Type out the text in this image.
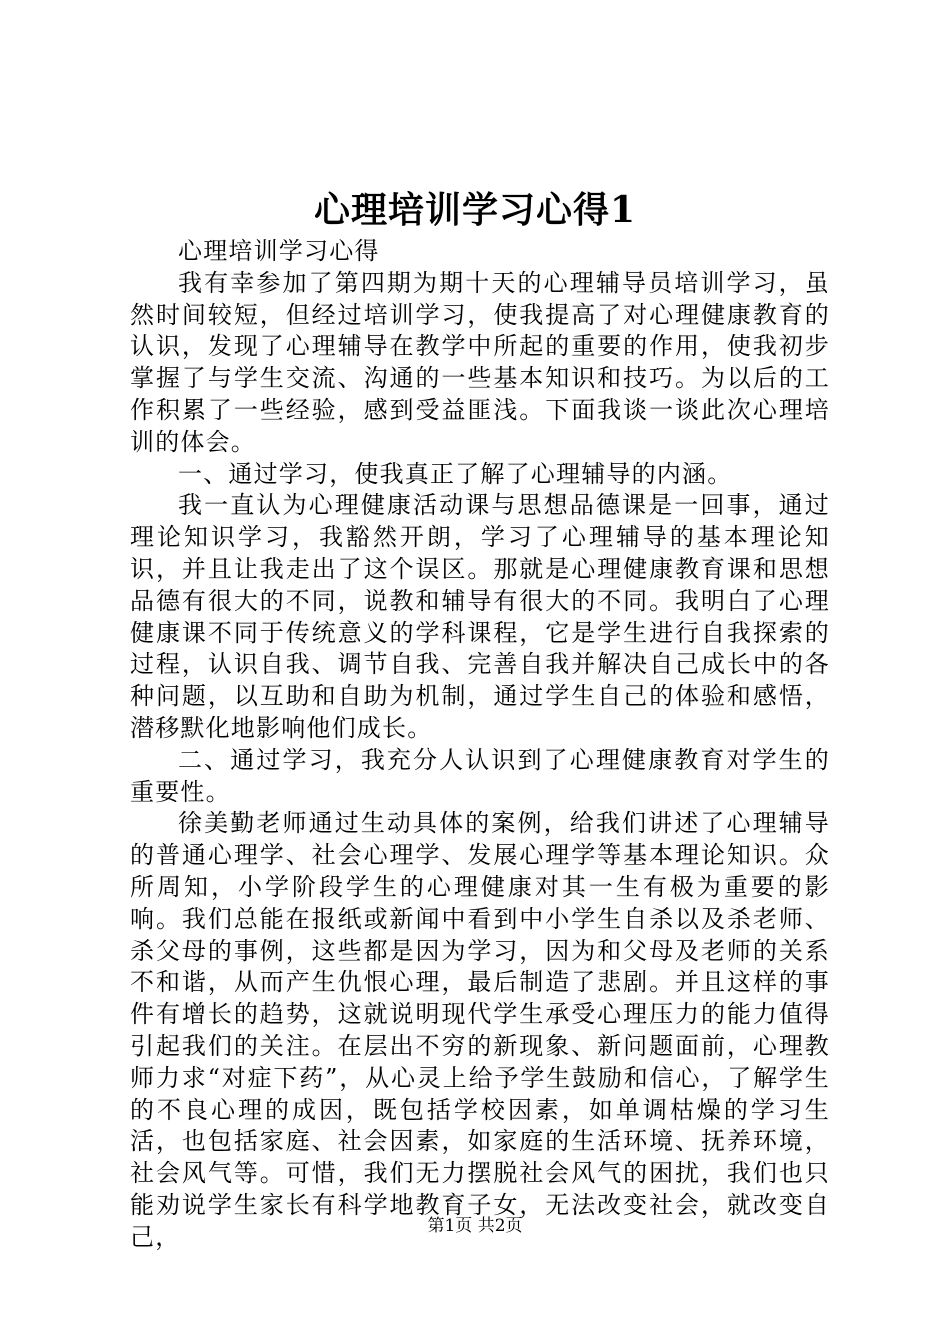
心理培训学习心得1

心理培训学习心得

我有幸参加了第四期为期十天的心理辅导员培训学习，虽然时间较短，但经过培训学习，使我提高了对心理健康教育的认识，发现了心理辅导在教学中所起的重要的作用，使我初步掌握了与学生交流、沟通的一些基本知识和技巧。为以后的工作积累了一些经验，感到受益匪浅。下面我谈一谈此次心理培训的体会。

一、通过学习，使我真正了解了心理辅导的内涵。

我一直认为心理健康活动课与思想品德课是一回事，通过理论知识学习，我豁然开朗，学习了心理辅导的基本理论知识，并且让我走出了这个误区。那就是心理健康教育课和思想品德有很大的不同，说教和辅导有很大的不同。我明白了心理健康课不同于传统意义的学科课程，它是学生进行自我探索的过程，认识自我、调节自我、完善自我并解决自己成长中的各种问题，以互助和自助为机制，通过学生自己的体验和感悟，潜移默化地影响他们成长。

二、通过学习，我充分人认识到了心理健康教育对学生的重要性。

徐美勤老师通过生动具体的案例，给我们讲述了心理辅导的普通心理学、社会心理学、发展心理学等基本理论知识。众所周知，小学阶段学生的心理健康对其一生有极为重要的影响。我们总能在报纸或新闻中看到中小学生自杀以及杀老师、杀父母的事例，这些都是因为学习，因为和父母及老师的关系不和谐，从而产生仇恨心理，最后制造了悲剧。并且这样的事件有增长的趋势，这就说明现代学生承受心理压力的能力值得引起我们的关注。在层出不穷的新现象、新问题面前，心理教师力求“对症下药”，从心灵上给予学生鼓励和信心，了解学生的不良心理的成因，既包括学校因素，如单调枯燥的学习生活，也包括家庭、社会因素，如家庭的生活环境、抚养环境，社会风气等。可惜，我们无力摆脱社会风气的困扰，我们也只能劝说学生家长有科学地教育子女，无法改变社会，就改变自己，	第1页 共2页
